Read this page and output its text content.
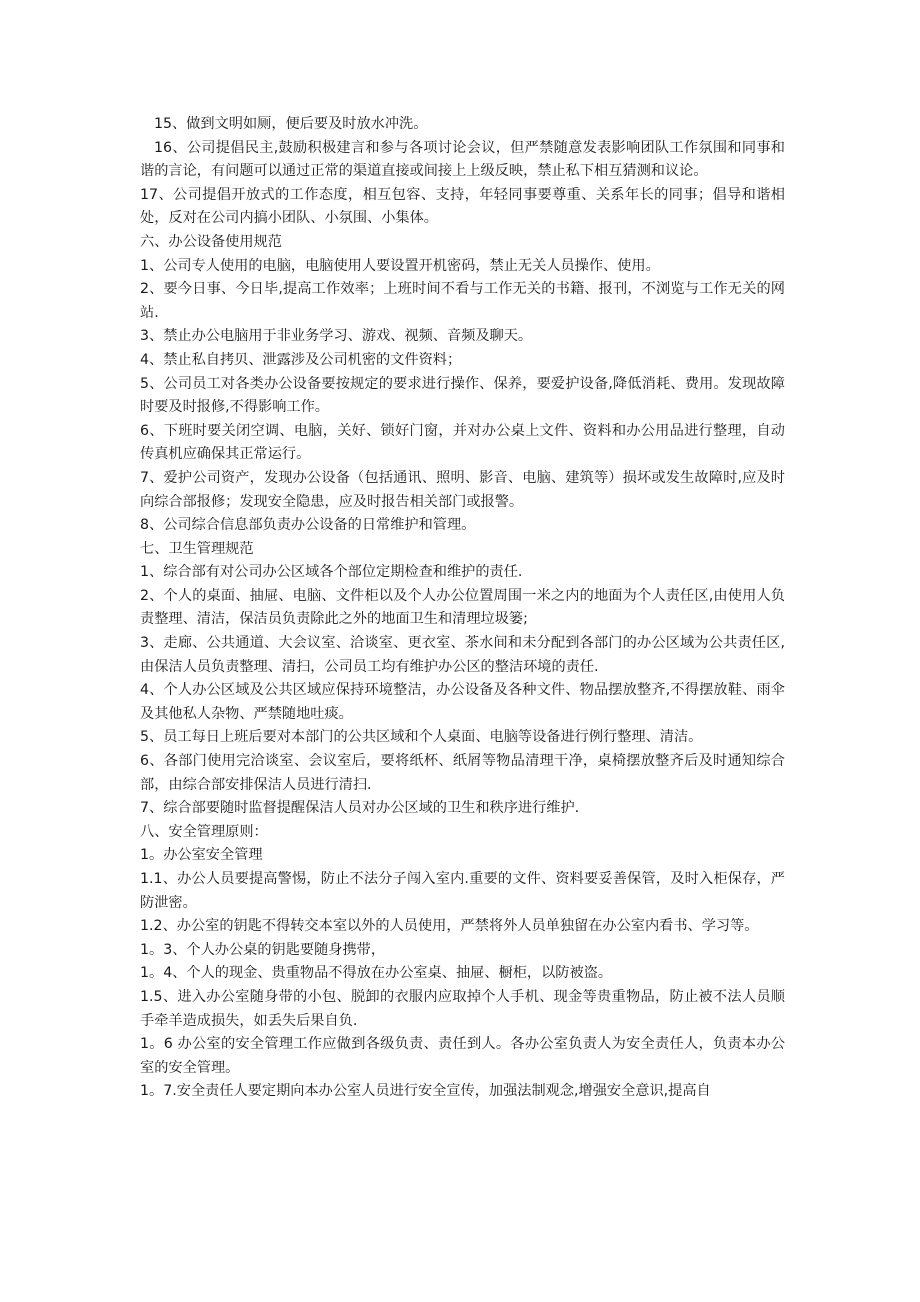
15、做到文明如厕，便后要及时放水冲洗。

16、公司提倡民主,鼓励积极建言和参与各项讨论会议，但严禁随意发表影响团队工作氛围和同事和谐的言论，有问题可以通过正常的渠道直接或间接上上级反映，禁止私下相互猜测和议论。

17、公司提倡开放式的工作态度，相互包容、支持，年轻同事要尊重、关系年长的同事；倡导和谐相处，反对在公司内搞小团队、小氛围、小集体。

六、办公设备使用规范

1、公司专人使用的电脑，电脑使用人要设置开机密码，禁止无关人员操作、使用。

2、要今日事、今日毕,提高工作效率；上班时间不看与工作无关的书籍、报刊，不浏览与工作无关的网站.

3、禁止办公电脑用于非业务学习、游戏、视频、音频及聊天。

4、禁止私自拷贝、泄露涉及公司机密的文件资料；

5、公司员工对各类办公设备要按规定的要求进行操作、保养，要爱护设备,降低消耗、费用。发现故障时要及时报修,不得影响工作。

6、下班时要关闭空调、电脑，关好、锁好门窗，并对办公桌上文件、资料和办公用品进行整理，自动传真机应确保其正常运行。

7、爱护公司资产，发现办公设备（包括通讯、照明、影音、电脑、建筑等）损坏或发生故障时,应及时向综合部报修；发现安全隐患，应及时报告相关部门或报警。

8、公司综合信息部负责办公设备的日常维护和管理。

七、卫生管理规范

1、综合部有对公司办公区域各个部位定期检查和维护的责任.

2、个人的桌面、抽屉、电脑、文件柜以及个人办公位置周围一米之内的地面为个人责任区,由使用人负责整理、清洁，保洁员负责除此之外的地面卫生和清理垃圾篓;

3、走廊、公共通道、大会议室、洽谈室、更衣室、茶水间和未分配到各部门的办公区域为公共责任区,由保洁人员负责整理、清扫，公司员工均有维护办公区的整洁环境的责任.

4、个人办公区域及公共区域应保持环境整洁，办公设备及各种文件、物品摆放整齐,不得摆放鞋、雨伞及其他私人杂物、严禁随地吐痰。

5、员工每日上班后要对本部门的公共区域和个人桌面、电脑等设备进行例行整理、清洁。

6、各部门使用完洽谈室、会议室后，要将纸杯、纸屑等物品清理干净，桌椅摆放整齐后及时通知综合部，由综合部安排保洁人员进行清扫.

7、综合部要随时监督提醒保洁人员对办公区域的卫生和秩序进行维护.

八、安全管理原则：

1。办公室安全管理

1.1、办公人员要提高警惕，防止不法分子闯入室内.重要的文件、资料要妥善保管，及时入柜保存，严防泄密。

1.2、办公室的钥匙不得转交本室以外的人员使用，严禁将外人员单独留在办公室内看书、学习等。

1。3、个人办公桌的钥匙要随身携带，

1。4、个人的现金、贵重物品不得放在办公室桌、抽屉、橱柜，以防被盗。

1.5、进入办公室随身带的小包、脱卸的衣服内应取掉个人手机、现金等贵重物品，防止被不法人员顺手牵羊造成损失，如丢失后果自负.

1。6 办公室的安全管理工作应做到各级负责、责任到人。各办公室负责人为安全责任人，负责本办公室的安全管理。

1。7.安全责任人要定期向本办公室人员进行安全宣传，加强法制观念,增强安全意识,提高自
